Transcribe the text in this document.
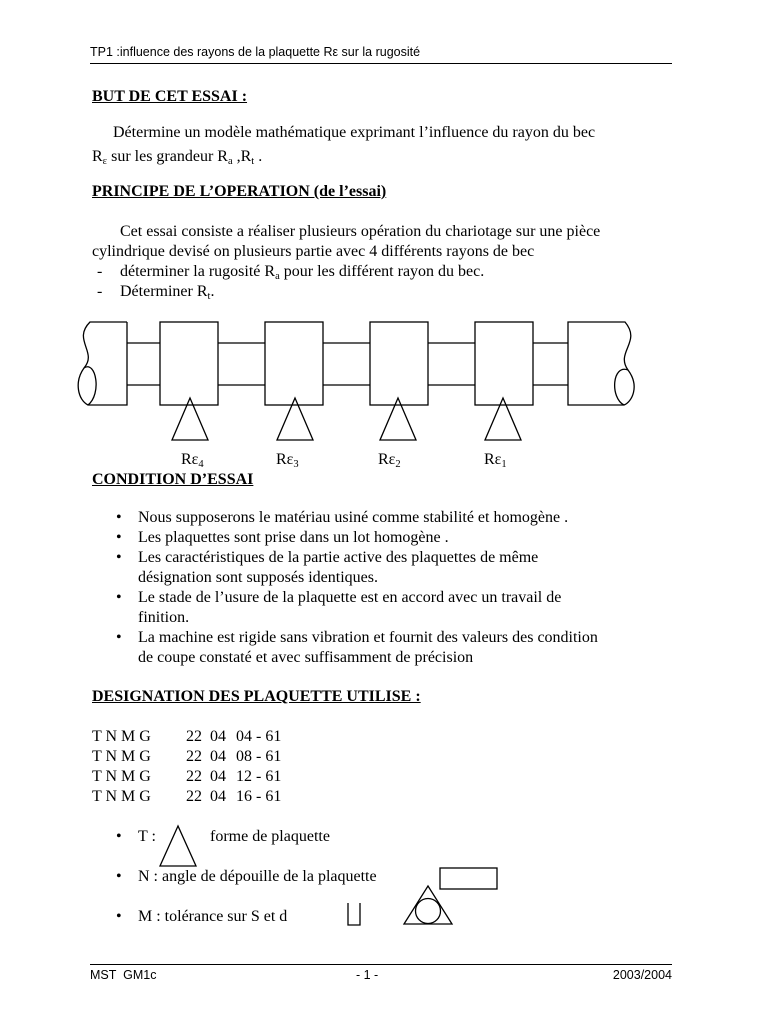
TP1 :influence des rayons de la plaquette Rε sur la rugosité
BUT DE CET ESSAI :
Détermine un modèle mathématique exprimant l’influence du rayon du bec
$R_\varepsilon$ sur les grandeur $R_a$ $,R_t$ .
PRINCIPE DE L’OPERATION (de l’essai)
Cet essai consiste a réaliser plusieurs opération du chariotage sur une pièce
cylindrique devisé on plusieurs partie avec 4 différents rayons de bec
- déterminer la rugosité $R_a$ pour les différent rayon du bec.
- Déterminer $R_t$.
$R\varepsilon_4$	$R\varepsilon_3$	$R\varepsilon_2$	$R\varepsilon_1$
CONDITION D’ESSAI
• Nous supposerons le matériau usiné comme stabilité et homogène .
• Les plaquettes sont prise dans un lot homogène .
• Les caractéristiques de la partie active des plaquettes de même
désignation sont supposés identiques.
• Le stade de l’usure de la plaquette est en accord avec un travail de
finition.
• La machine est rigide sans vibration et fournit des valeurs des condition
de coupe constaté et avec suffisamment de précision
DESIGNATION DES PLAQUETTE UTILISE :
T N M G 22 04 04 - 61
T N M G 22 04 08 - 61
T N M G 22 04 12 - 61
T N M G 22 04 16 - 61
• T :	forme de plaquette
• N : angle de dépouille de la plaquette
• M : tolérance sur S et d
MST  GM1c	- 1 -	2003/2004
